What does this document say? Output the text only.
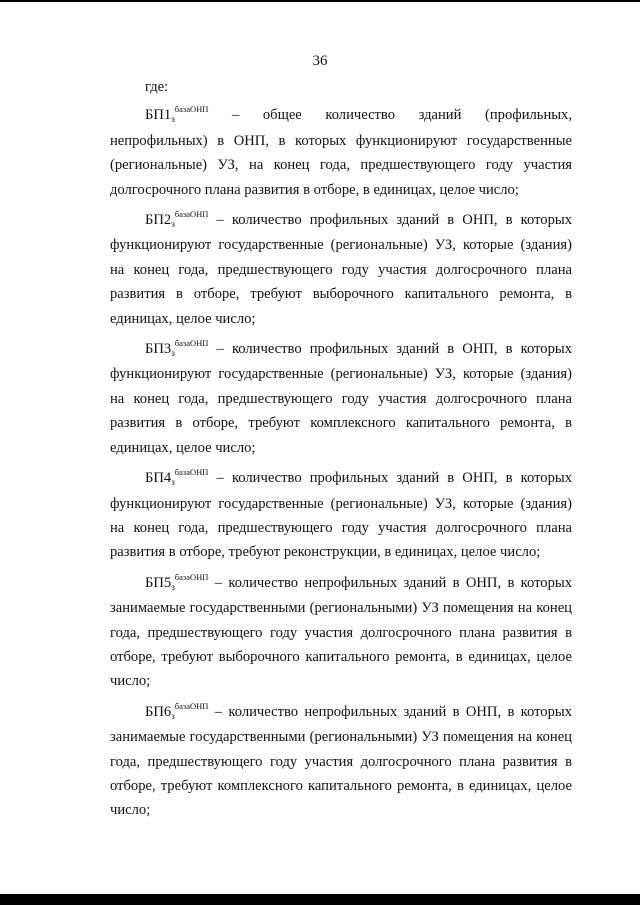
36

где:

$БП1_з^{базаОНП}$ – общее количество зданий (профильных, непрофильных) в ОНП, в которых функционируют государственные (региональные) УЗ, на конец года, предшествующего году участия долгосрочного плана развития в отборе, в единицах, целое число;

$БП2_з^{базаОНП}$ – количество профильных зданий в ОНП, в которых функционируют государственные (региональные) УЗ, которые (здания) на конец года, предшествующего году участия долгосрочного плана развития в отборе, требуют выборочного капитального ремонта, в единицах, целое число;

$БП3_з^{базаОНП}$ – количество профильных зданий в ОНП, в которых функционируют государственные (региональные) УЗ, которые (здания) на конец года, предшествующего году участия долгосрочного плана развития в отборе, требуют комплексного капитального ремонта, в единицах, целое число;

$БП4_з^{базаОНП}$ – количество профильных зданий в ОНП, в которых функционируют государственные (региональные) УЗ, которые (здания) на конец года, предшествующего году участия долгосрочного плана развития в отборе, требуют реконструкции, в единицах, целое число;

$БП5_з^{базаОНП}$ – количество непрофильных зданий в ОНП, в которых занимаемые государственными (региональными) УЗ помещения на конец года, предшествующего году участия долгосрочного плана развития в отборе, требуют выборочного капитального ремонта, в единицах, целое число;

$БП6_з^{базаОНП}$ – количество непрофильных зданий в ОНП, в которых занимаемые государственными (региональными) УЗ помещения на конец года, предшествующего году участия долгосрочного плана развития в отборе, требуют комплексного капитального ремонта, в единицах, целое число;
